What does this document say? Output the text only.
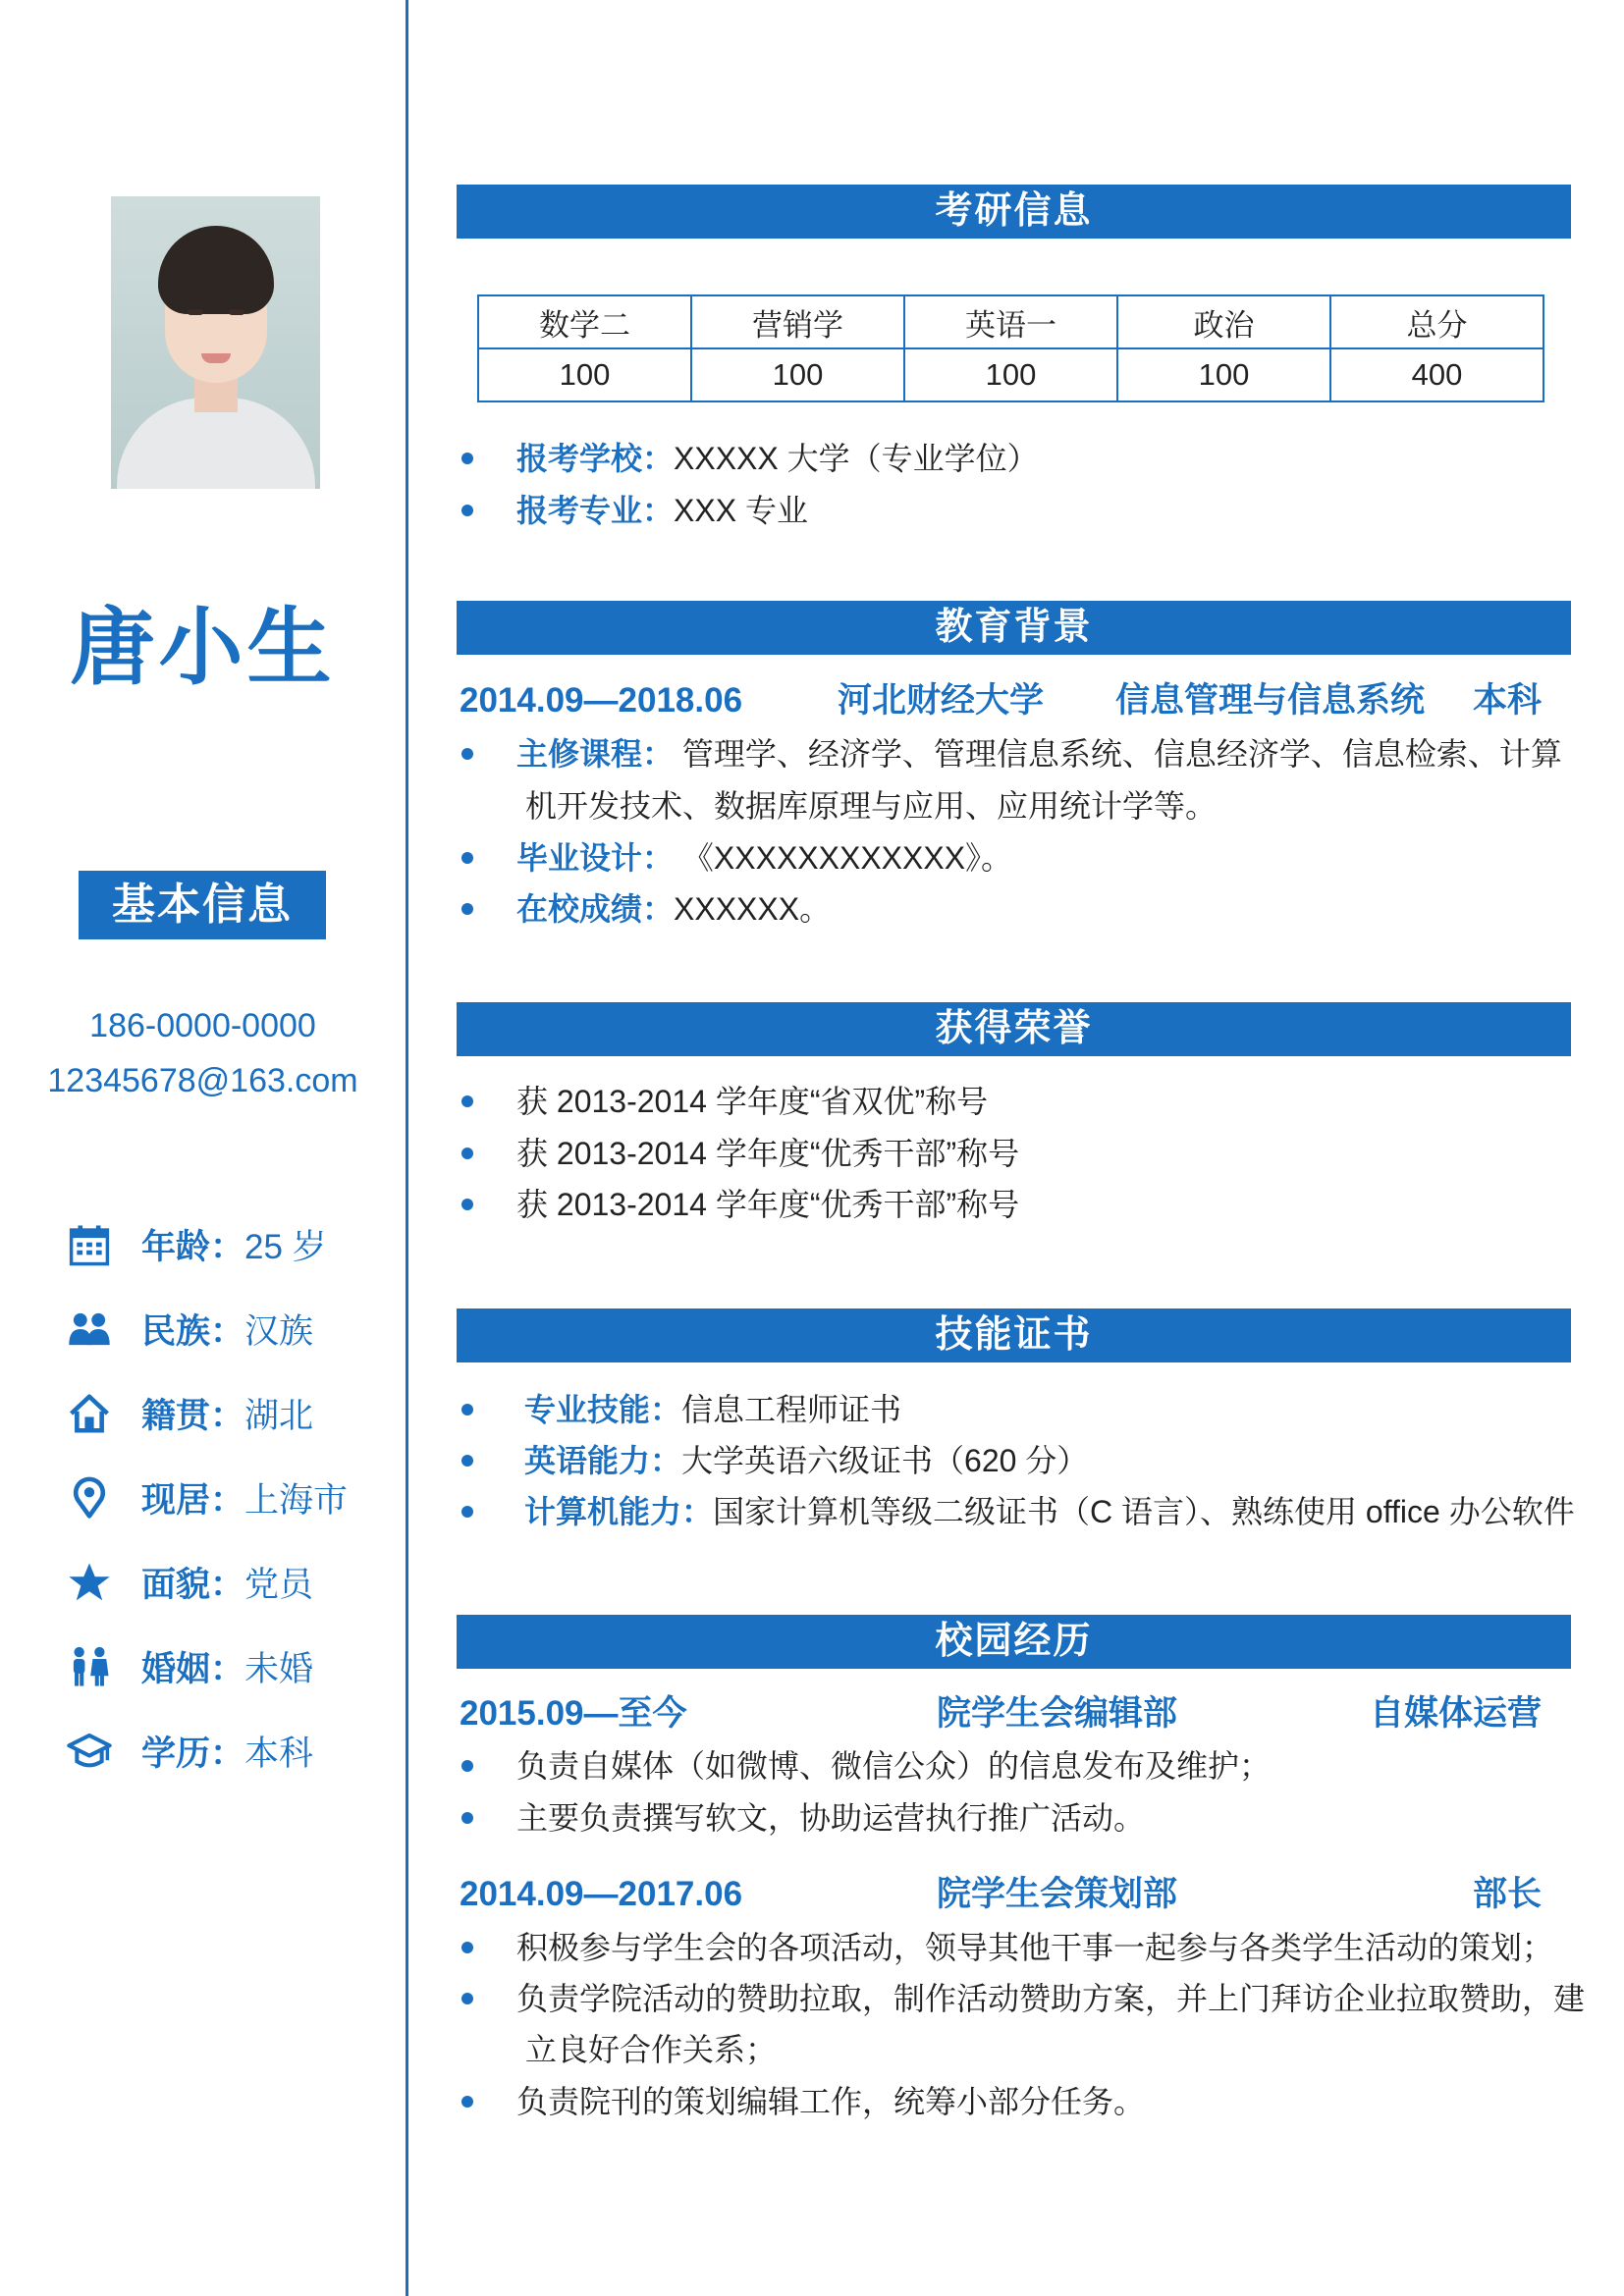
唐小生
基本信息
186-0000-0000
12345678@163.com
年龄 ： 25 岁
民族 ： 汉族
籍贯 ： 湖北
现居 ： 上海市
面貌 ： 党员
婚姻 ： 未婚
学历 ： 本科
考研信息
数学二	营销学	英语一	政治	总分
100	100	100	100	400
报考学校：XXXXX 大学（专业学位）
报考专业：XXX 专业
教育背景
2014.09—2018.06	河北财经大学 信息管理与信息系统 本科
主修课程： 管理学、经济学、管理信息系统、信息经济学、信息检索、计算
机开发技术、数据库原理与应用、应用统计学等。
毕业设计： 《XXXXXXXXXXXX》。
在校成绩：XXXXXX。
获得荣誉
获 2013-2014 学年度“省双优”称号
获 2013-2014 学年度“优秀干部”称号
获 2013-2014 学年度“优秀干部”称号
技能证书
专业技能：信息工程师证书
英语能力：大学英语六级证书（620 分）
计算机能力：国家计算机等级二级证书（C 语言）、熟练使用 office 办公软件
校园经历
2015.09—至今	院学生会编辑部	自媒体运营
负责自媒体（如微博、微信公众）的信息发布及维护；
主要负责撰写软文，协助运营执行推广活动。
2014.09—2017.06	院学生会策划部	部长
积极参与学生会的各项活动，领导其他干事一起参与各类学生活动的策划；
负责学院活动的赞助拉取，制作活动赞助方案，并上门拜访企业拉取赞助，建
立良好合作关系；
负责院刊的策划编辑工作，统筹小部分任务。
